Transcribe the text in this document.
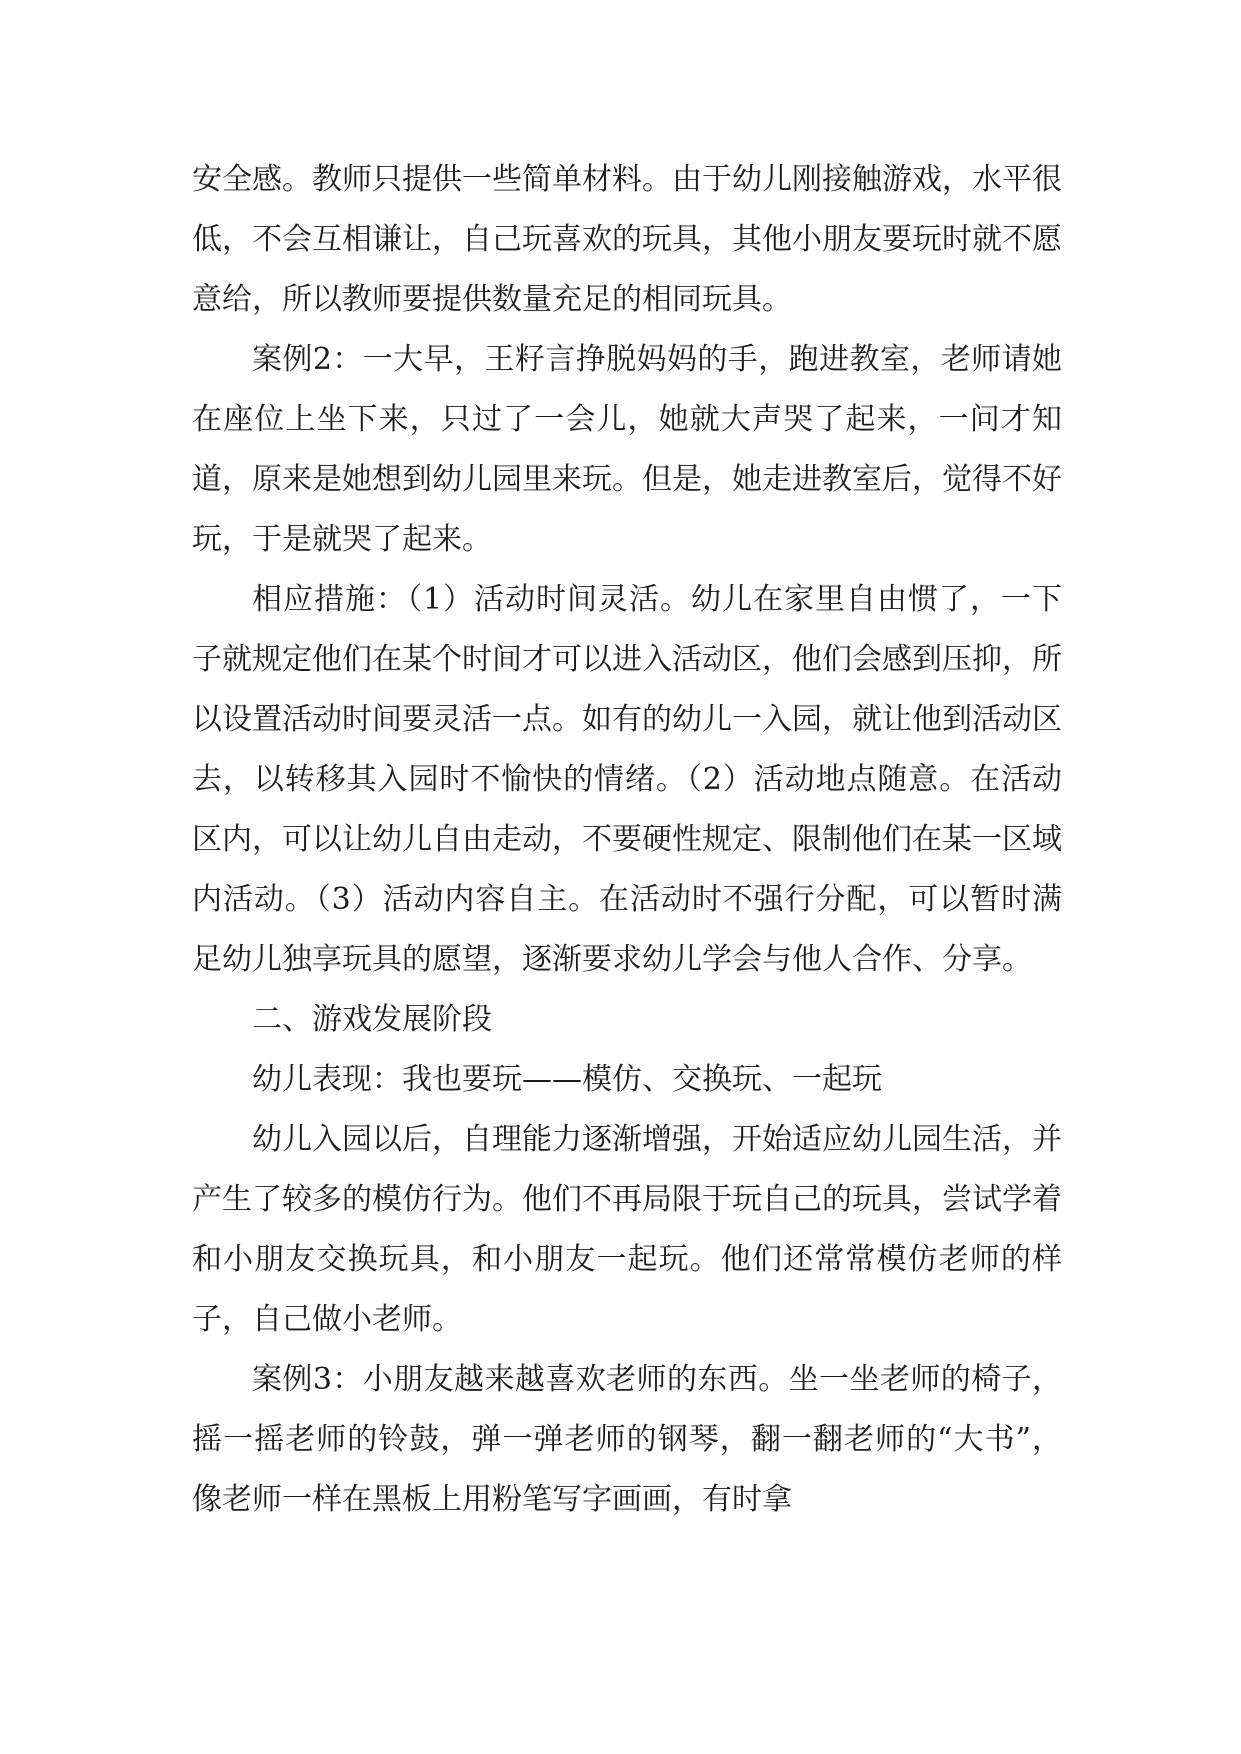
安全感。教师只提供一些简单材料。由于幼儿刚接触游戏，水平很低，不会互相谦让，自己玩喜欢的玩具，其他小朋友要玩时就不愿意给，所以教师要提供数量充足的相同玩具。

案例2：一大早，王籽言挣脱妈妈的手，跑进教室，老师请她在座位上坐下来，只过了一会儿，她就大声哭了起来，一问才知道，原来是她想到幼儿园里来玩。但是，她走进教室后，觉得不好玩，于是就哭了起来。

相应措施：（1）活动时间灵活。幼儿在家里自由惯了，一下子就规定他们在某个时间才可以进入活动区，他们会感到压抑，所以设置活动时间要灵活一点。如有的幼儿一入园，就让他到活动区去，以转移其入园时不愉快的情绪。（2）活动地点随意。在活动区内，可以让幼儿自由走动，不要硬性规定、限制他们在某一区域内活动。（3）活动内容自主。在活动时不强行分配，可以暂时满足幼儿独享玩具的愿望，逐渐要求幼儿学会与他人合作、分享。

二、游戏发展阶段

幼儿表现：我也要玩——模仿、交换玩、一起玩

幼儿入园以后，自理能力逐渐增强，开始适应幼儿园生活，并产生了较多的模仿行为。他们不再局限于玩自己的玩具，尝试学着和小朋友交换玩具，和小朋友一起玩。他们还常常模仿老师的样子，自己做小老师。

案例3：小朋友越来越喜欢老师的东西。坐一坐老师的椅子，摇一摇老师的铃鼓，弹一弹老师的钢琴，翻一翻老师的“大书”，像老师一样在黑板上用粉笔写字画画，有时拿
